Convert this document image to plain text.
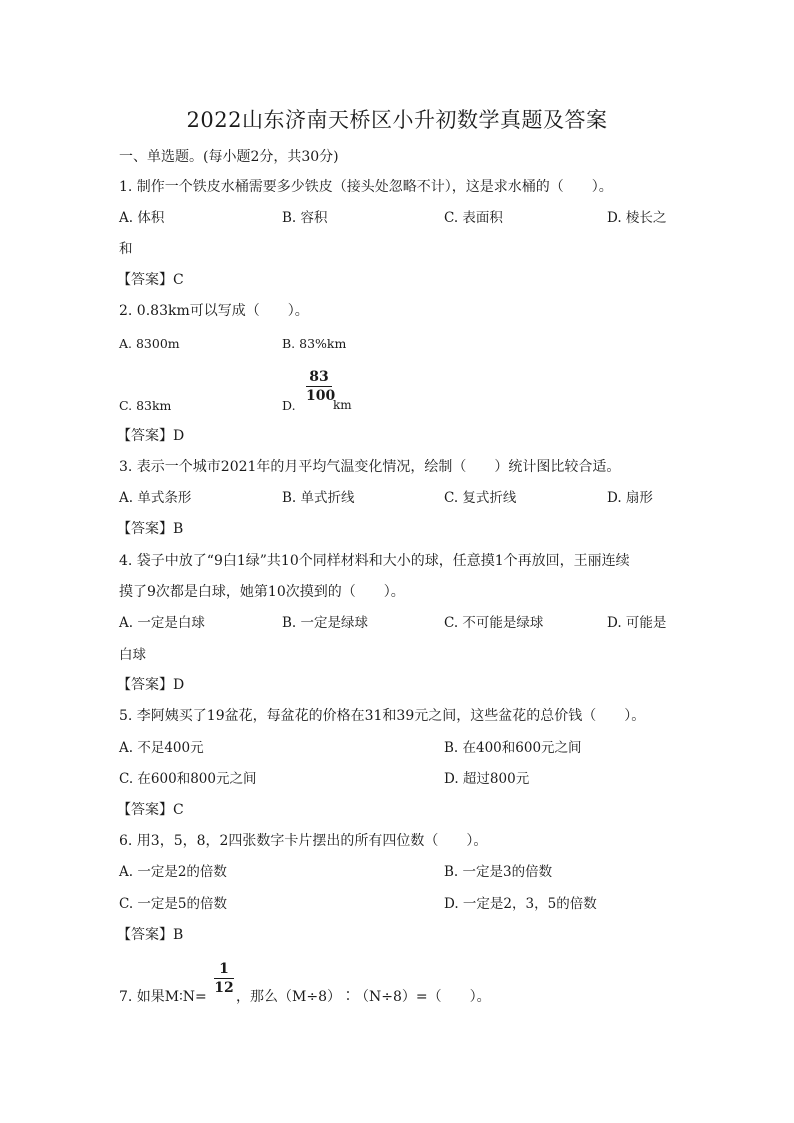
2022山东济南天桥区小升初数学真题及答案
一、单选题。(每小题2分，共30分)
1. 制作一个铁皮水桶需要多少铁皮（接头处忽略不计），这是求水桶的（　　）。
A. 体积	B. 容积	C. 表面积	D. 棱长之
和
【答案】C
2. 0.83km可以写成（　　）。
A. 8300m	B. 83%km
C. 83km	D.
83
100
km
【答案】D
3. 表示一个城市2021年的月平均气温变化情况，绘制（　　）统计图比较合适。
A. 单式条形	B. 单式折线	C. 复式折线	D. 扇形
【答案】B
4. 袋子中放了“9白1绿”共10个同样材料和大小的球，任意摸1个再放回，王丽连续
摸了9次都是白球，她第10次摸到的（　　）。
A. 一定是白球	B. 一定是绿球	C. 不可能是绿球	D. 可能是
白球
【答案】D
5. 李阿姨买了19盆花，每盆花的价格在31和39元之间，这些盆花的总价钱（　　）。
A. 不足400元	B. 在400和600元之间
C. 在600和800元之间	D. 超过800元
【答案】C
6. 用3，5，8，2四张数字卡片摆出的所有四位数（　　）。
A. 一定是2的倍数	B. 一定是3的倍数
C. 一定是5的倍数	D. 一定是2，3，5的倍数
【答案】B
7. 如果M∶N=
1
12
，那么（M÷8）∶（N÷8）=（　　）。
